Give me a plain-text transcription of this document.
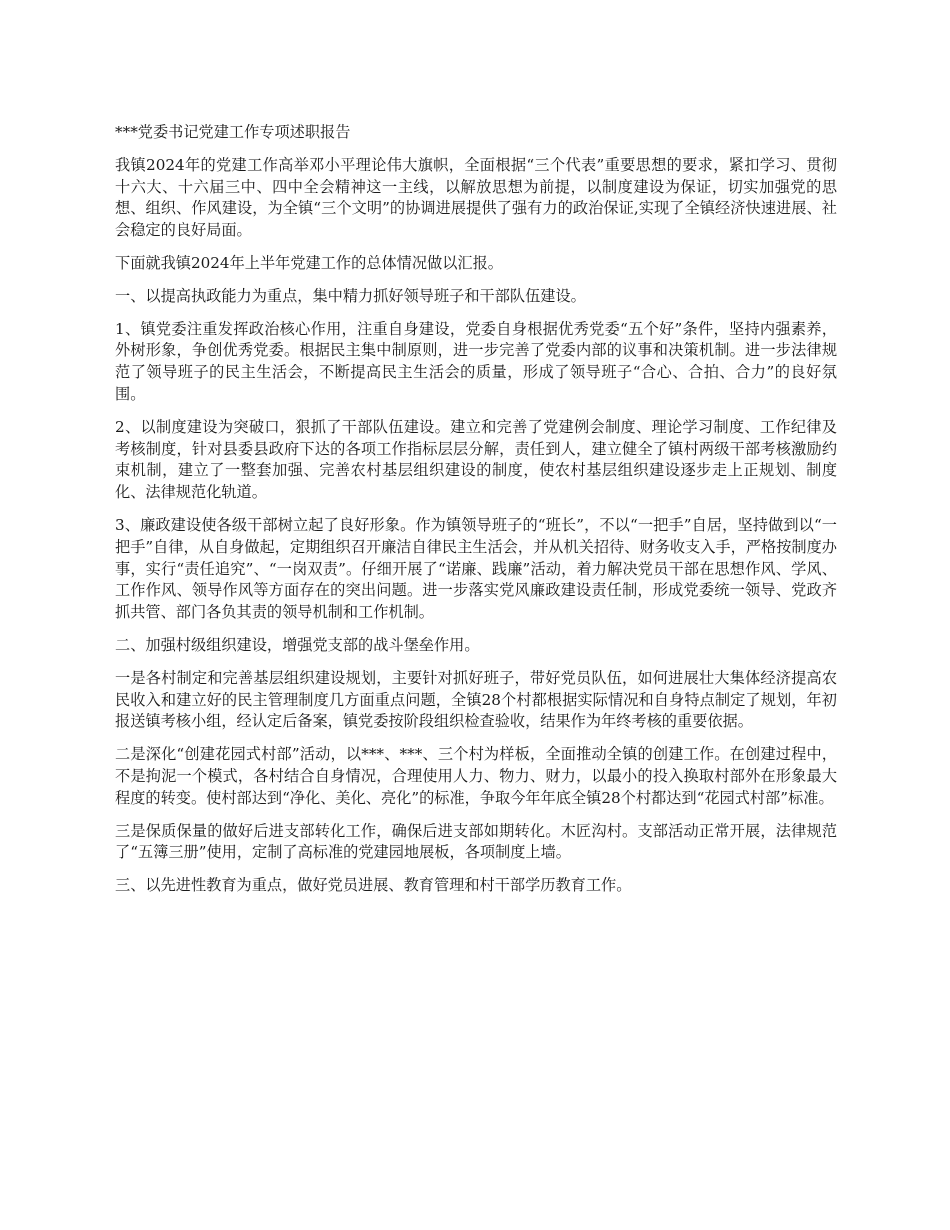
***党委书记党建工作专项述职报告

我镇2024年的党建工作高举邓小平理论伟大旗帜，全面根据“三个代表”重要思想的要求，紧扣学习、贯彻十六大、十六届三中、四中全会精神这一主线，以解放思想为前提，以制度建设为保证，切实加强党的思想、组织、作风建设，为全镇“三个文明”的协调进展提供了强有力的政治保证,实现了全镇经济快速进展、社会稳定的良好局面。

下面就我镇2024年上半年党建工作的总体情况做以汇报。

一、以提高执政能力为重点，集中精力抓好领导班子和干部队伍建设。

1、镇党委注重发挥政治核心作用，注重自身建设，党委自身根据优秀党委“五个好”条件，坚持内强素养，外树形象，争创优秀党委。根据民主集中制原则，进一步完善了党委内部的议事和决策机制。进一步法律规范了领导班子的民主生活会，不断提高民主生活会的质量，形成了领导班子“合心、合拍、合力”的良好氛围。

2、以制度建设为突破口，狠抓了干部队伍建设。建立和完善了党建例会制度、理论学习制度、工作纪律及考核制度，针对县委县政府下达的各项工作指标层层分解，责任到人，建立健全了镇村两级干部考核激励约束机制，建立了一整套加强、完善农村基层组织建设的制度，使农村基层组织建设逐步走上正规划、制度化、法律规范化轨道。

3、廉政建设使各级干部树立起了良好形象。作为镇领导班子的“班长”，不以“一把手”自居，坚持做到以“一把手”自律，从自身做起，定期组织召开廉洁自律民主生活会，并从机关招待、财务收支入手，严格按制度办事，实行“责任追究”、“一岗双责”。仔细开展了“诺廉、践廉”活动，着力解决党员干部在思想作风、学风、工作作风、领导作风等方面存在的突出问题。进一步落实党风廉政建设责任制，形成党委统一领导、党政齐抓共管、部门各负其责的领导机制和工作机制。

二、加强村级组织建设，增强党支部的战斗堡垒作用。

一是各村制定和完善基层组织建设规划，主要针对抓好班子，带好党员队伍，如何进展壮大集体经济提高农民收入和建立好的民主管理制度几方面重点问题，全镇28个村都根据实际情况和自身特点制定了规划，年初报送镇考核小组，经认定后备案，镇党委按阶段组织检查验收，结果作为年终考核的重要依据。

二是深化“创建花园式村部”活动，以***、***、三个村为样板，全面推动全镇的创建工作。在创建过程中，不是拘泥一个模式，各村结合自身情况，合理使用人力、物力、财力，以最小的投入换取村部外在形象最大程度的转变。使村部达到“净化、美化、亮化”的标准，争取今年年底全镇28个村都达到“花园式村部”标准。

三是保质保量的做好后进支部转化工作，确保后进支部如期转化。木匠沟村。支部活动正常开展，法律规范了“五簿三册”使用，定制了高标准的党建园地展板，各项制度上墙。

三、以先进性教育为重点，做好党员进展、教育管理和村干部学历教育工作。
